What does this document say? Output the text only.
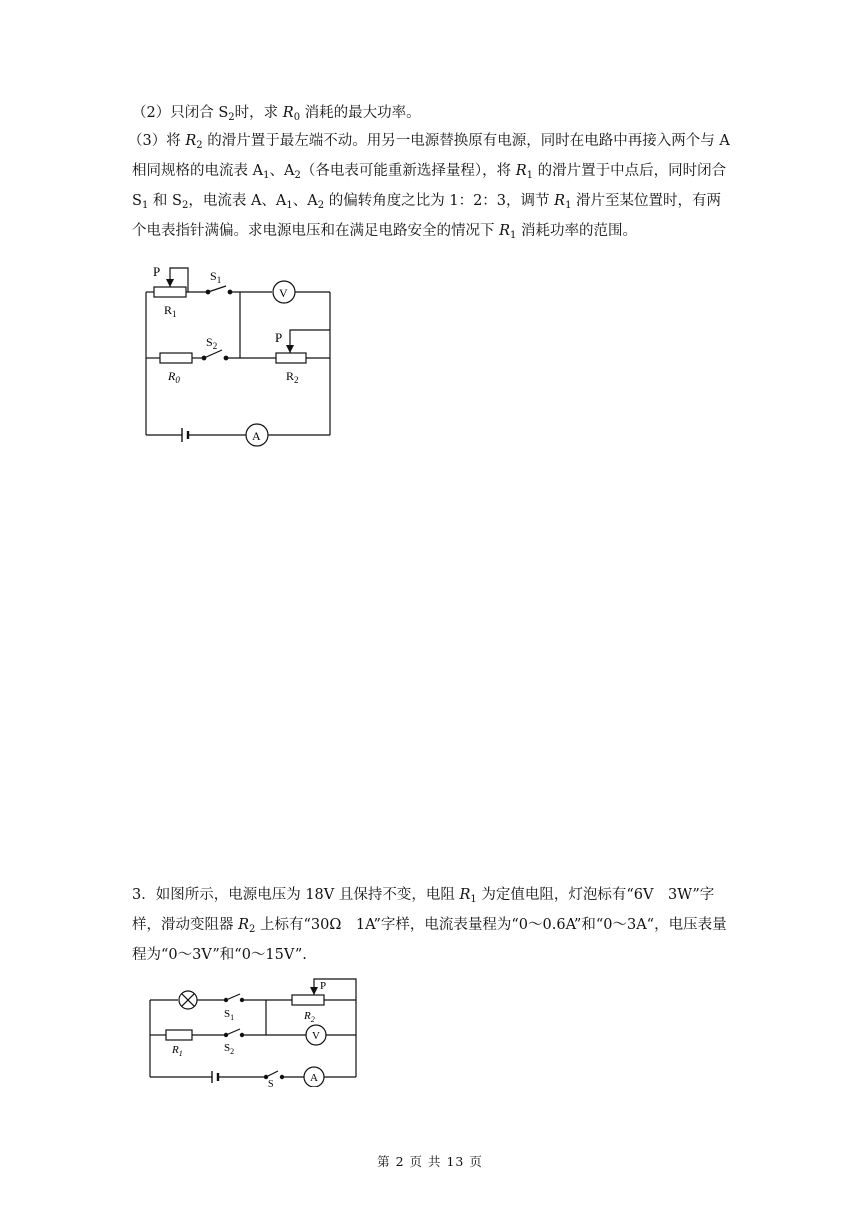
（2）只闭合 $S_2$时，求 $R_0$ 消耗的最大功率。

（3）将 $R_2$ 的滑片置于最左端不动。用另一电源替换原有电源，同时在电路中再接入两个与 A 相同规格的电流表 $A_1$、$A_2$（各电表可能重新选择量程），将 $R_1$ 的滑片置于中点后，同时闭合 $S_1$ 和 $S_2$，电流表 A、$A_1$、$A_2$ 的偏转角度之比为 1：2：3，调节 $R_1$ 滑片至某位置时，有两个电表指针满偏。求电源电压和在满足电路安全的情况下 $R_1$ 消耗功率的范围。

P
$R_1$
$S_1$
V
$S_2$
P
$R_0$	$R_2$
A

3．如图所示，电源电压为 18V 且保持不变，电阻 $R_1$ 为定值电阻，灯泡标有“6V　3W”字样，滑动变阻器 $R_2$ 上标有“30Ω　1A”字样，电流表量程为“0～0.6A”和“0～3A“，电压表量程为“0～3V”和“0～15V”.

P
$R_2$
$S_1$
V
$R_1$	$S_2$
S
A
第 2 页 共 13 页
